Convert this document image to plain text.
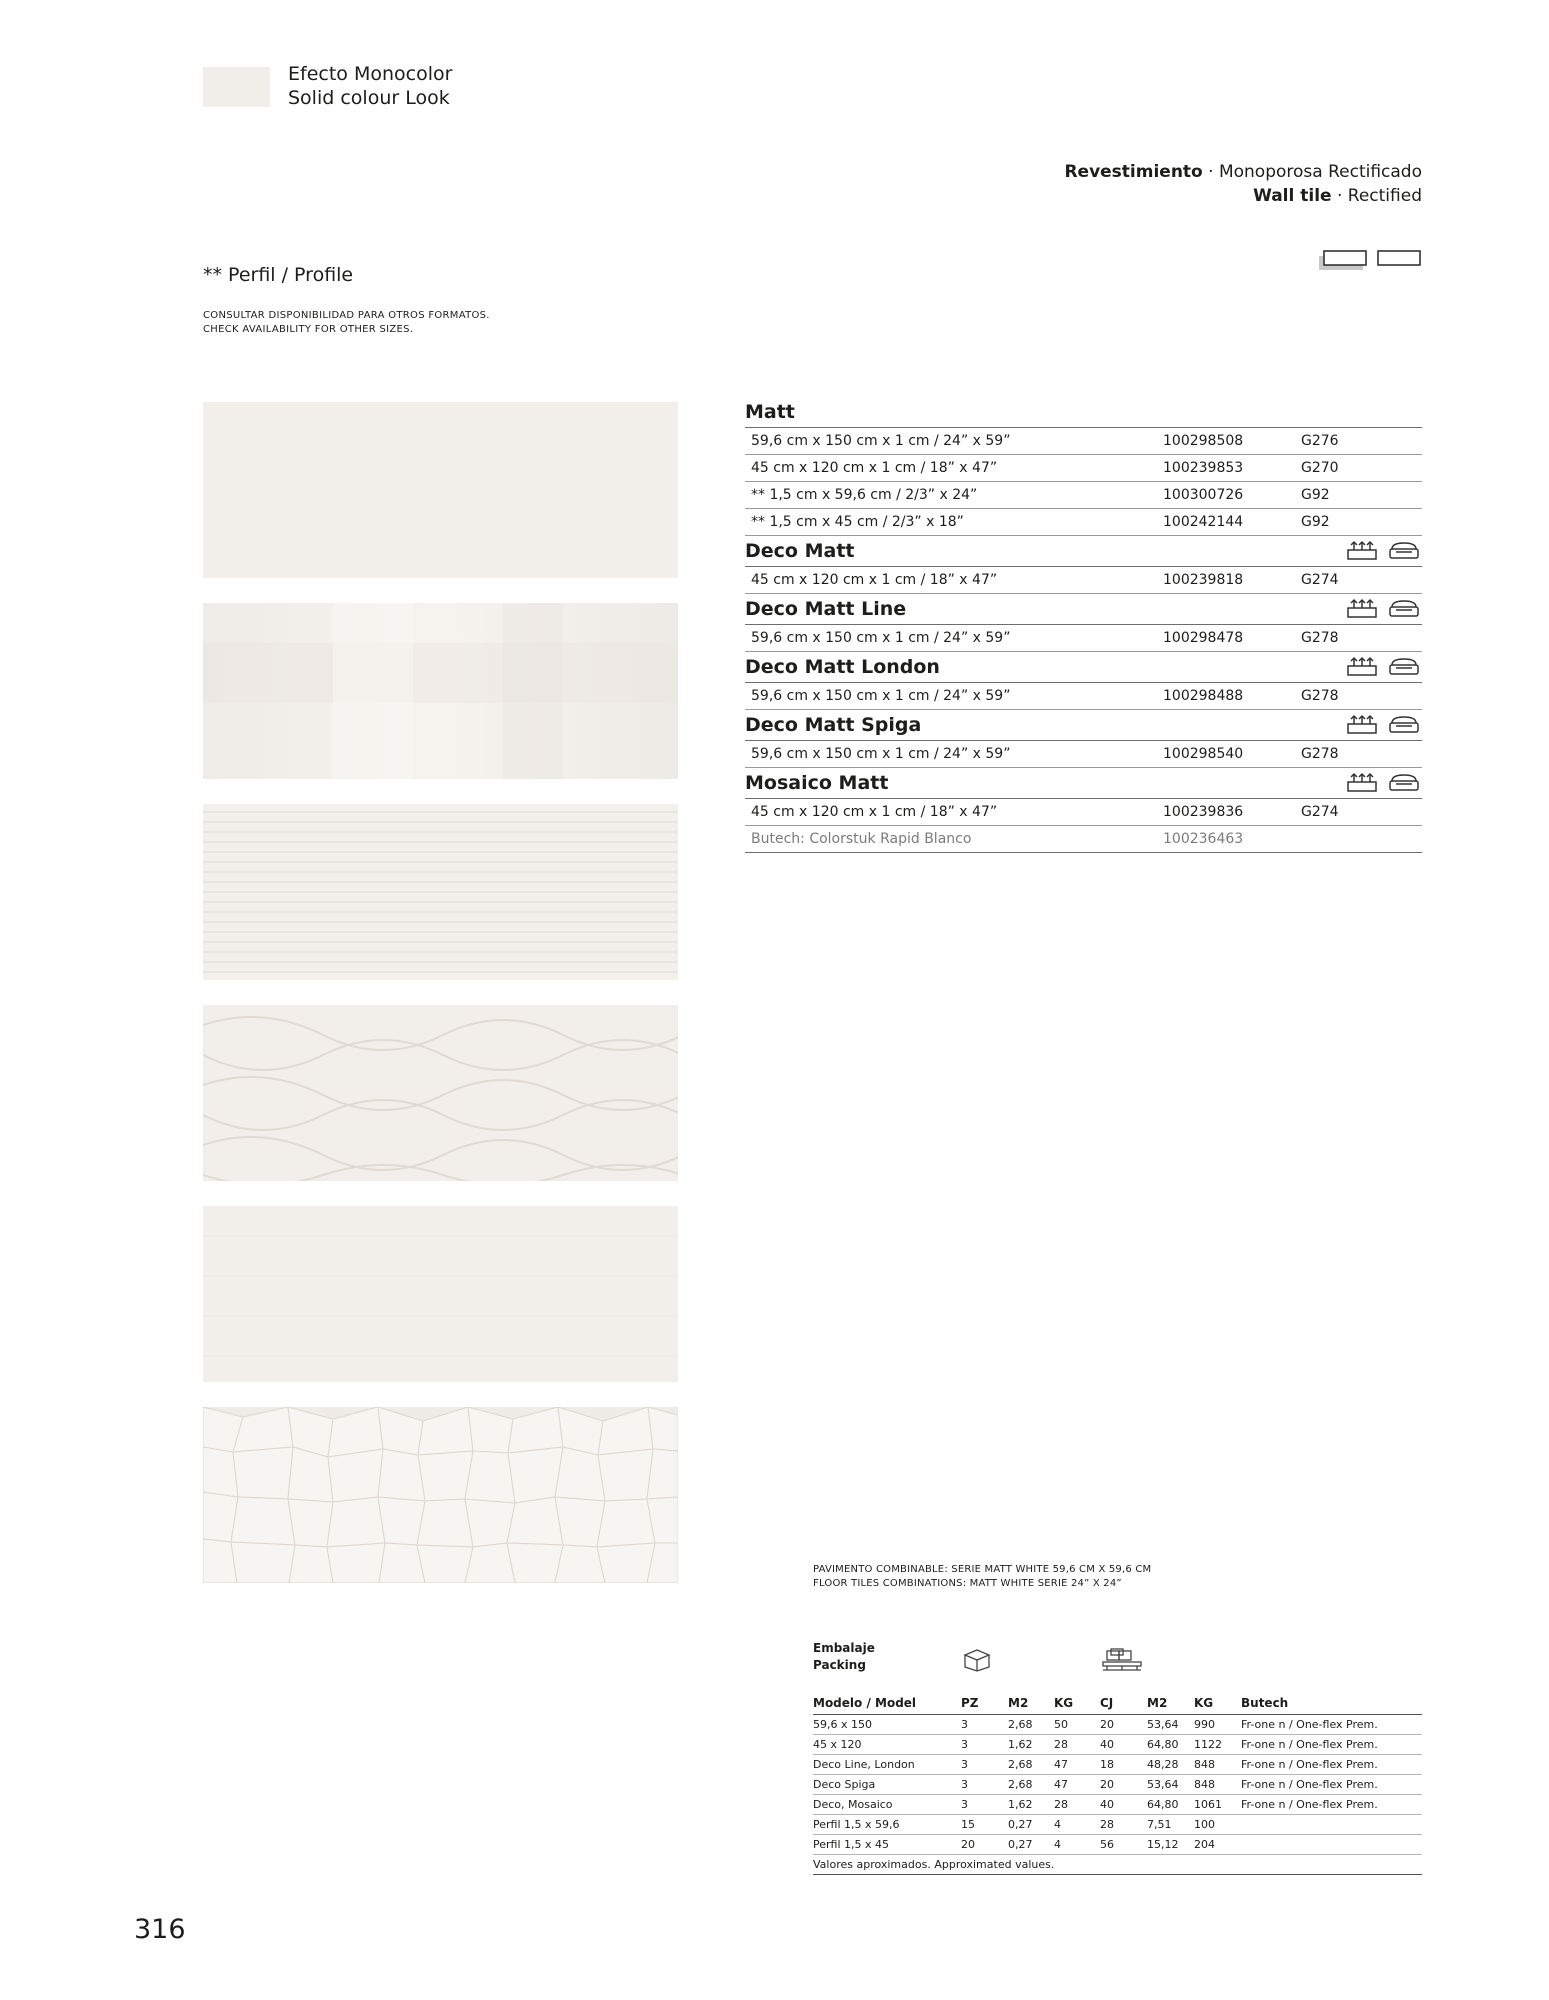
Efecto Monocolor
Solid colour Look
Revestimiento · Monoporosa Rectificado
Wall tile · Rectified
** Perfil / Profile
CONSULTAR DISPONIBILIDAD PARA OTROS FORMATOS.
CHECK AVAILABILITY FOR OTHER SIZES.
Matt
59,6 cm x 150 cm x 1 cm / 24” x 59”	100298508	G276
45 cm x 120 cm x 1 cm / 18” x 47”	100239853	G270
** 1,5 cm x 59,6 cm / 2/3” x 24”	100300726	G92
** 1,5 cm x 45 cm / 2/3” x 18”	100242144	G92
Deco Matt
45 cm x 120 cm x 1 cm / 18” x 47”	100239818	G274
Deco Matt Line
59,6 cm x 150 cm x 1 cm / 24” x 59”	100298478	G278
Deco Matt London
59,6 cm x 150 cm x 1 cm / 24” x 59”	100298488	G278
Deco Matt Spiga
59,6 cm x 150 cm x 1 cm / 24” x 59”	100298540	G278
Mosaico Matt
45 cm x 120 cm x 1 cm / 18” x 47”	100239836	G274
Butech: Colorstuk Rapid Blanco	100236463
PAVIMENTO COMBINABLE: SERIE MATT WHITE 59,6 CM X 59,6 CM
FLOOR TILES COMBINATIONS: MATT WHITE SERIE 24” X 24”
Embalaje
Packing
Modelo / Model	PZ	M2	KG	CJ	M2	KG	Butech
59,6 x 150	3	2,68	50	20	53,64	990	Fr-one n / One-flex Prem.
45 x 120	3	1,62	28	40	64,80	1122	Fr-one n / One-flex Prem.
Deco Line, London	3	2,68	47	18	48,28	848	Fr-one n / One-flex Prem.
Deco Spiga	3	2,68	47	20	53,64	848	Fr-one n / One-flex Prem.
Deco, Mosaico	3	1,62	28	40	64,80	1061	Fr-one n / One-flex Prem.
Perfil 1,5 x 59,6	15	0,27	4	28	7,51	100	
Perfil 1,5 x 45	20	0,27	4	56	15,12	204	
Valores aproximados. Approximated values.							
316
